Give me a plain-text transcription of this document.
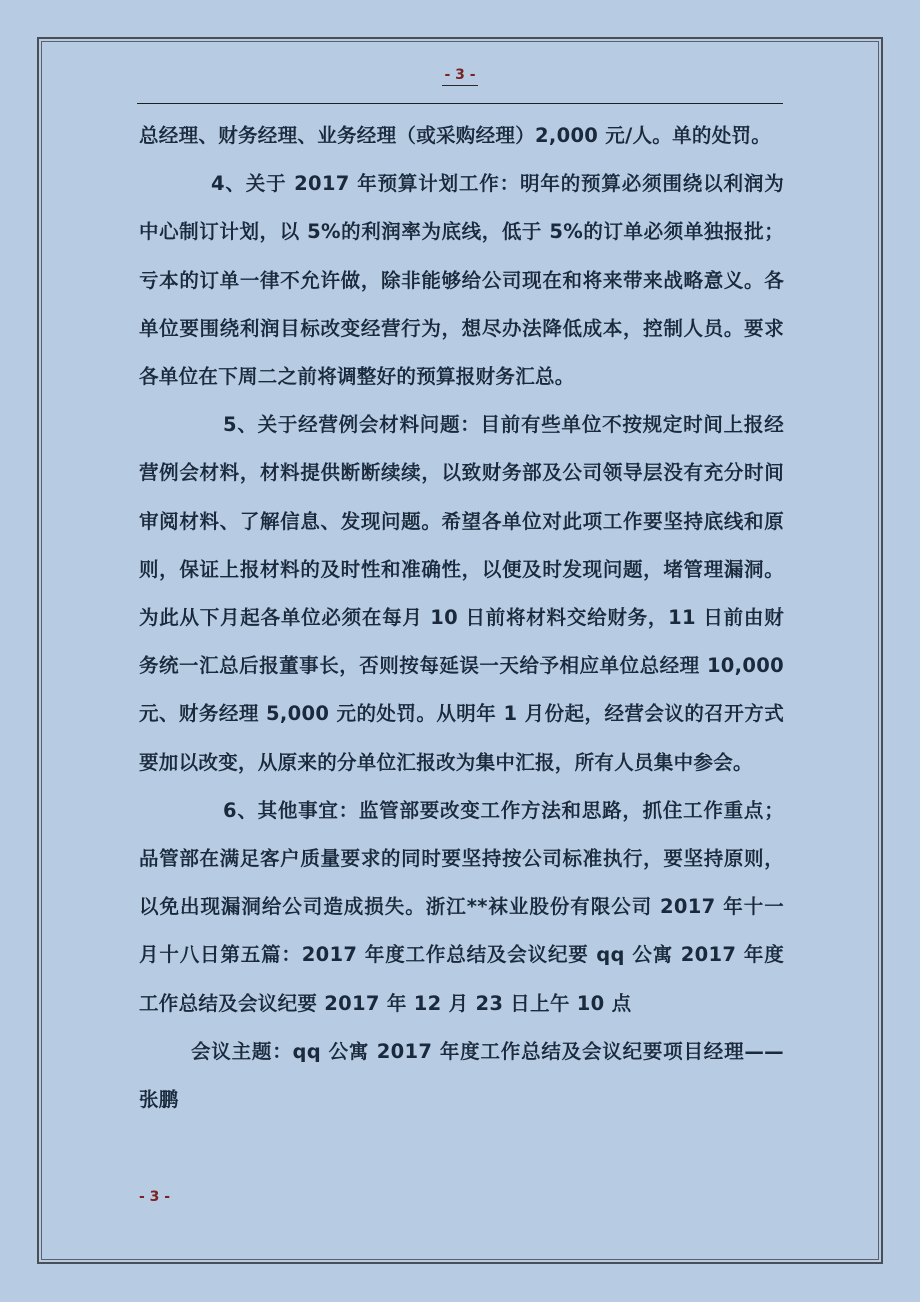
- 3 -

总经理、财务经理、业务经理（或采购经理）2,000 元/人。单的处罚。

4、关于 2017 年预算计划工作：明年的预算必须围绕以利润为中心制订计划，以 5%的利润率为底线，低于 5%的订单必须单独报批；亏本的订单一律不允许做，除非能够给公司现在和将来带来战略意义。各单位要围绕利润目标改变经营行为，想尽办法降低成本，控制人员。要求各单位在下周二之前将调整好的预算报财务汇总。

5、关于经营例会材料问题：目前有些单位不按规定时间上报经营例会材料，材料提供断断续续，以致财务部及公司领导层没有充分时间审阅材料、了解信息、发现问题。希望各单位对此项工作要坚持底线和原则，保证上报材料的及时性和准确性，以便及时发现问题，堵管理漏洞。为此从下月起各单位必须在每月 10 日前将材料交给财务，11 日前由财务统一汇总后报董事长，否则按每延误一天给予相应单位总经理 10,000 元、财务经理 5,000 元的处罚。从明年 1 月份起，经营会议的召开方式要加以改变，从原来的分单位汇报改为集中汇报，所有人员集中参会。

6、其他事宜：监管部要改变工作方法和思路，抓住工作重点；品管部在满足客户质量要求的同时要坚持按公司标准执行，要坚持原则，以免出现漏洞给公司造成损失。浙江**袜业股份有限公司 2017 年十一月十八日第五篇：2017 年度工作总结及会议纪要 qq 公寓 2017 年度工作总结及会议纪要 2017 年 12 月 23 日上午 10 点

会议主题：qq 公寓 2017 年度工作总结及会议纪要项目经理——张鹏

- 3 -
